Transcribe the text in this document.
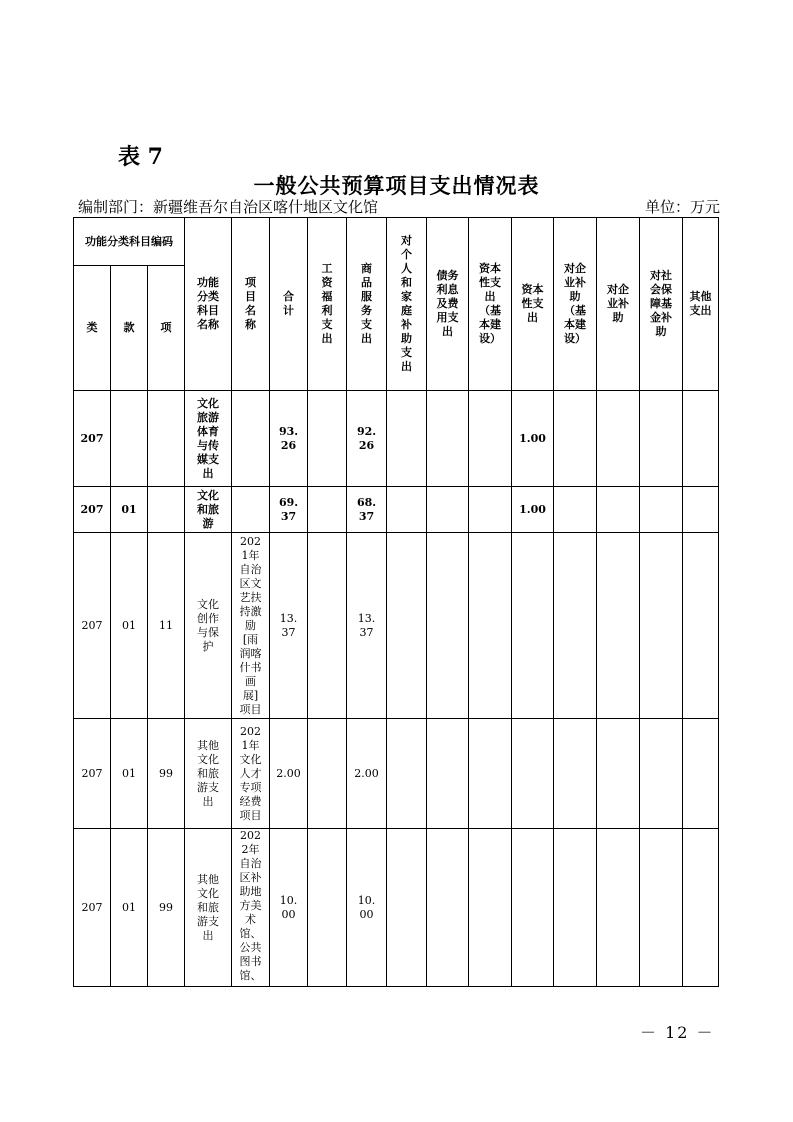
表 7
一般公共预算项目支出情况表
编制部门：新疆维吾尔自治区喀什地区文化馆	单位：万元
功能分类科目编码			功能分类科目名称	项目名称	合计	工资福利支出	商品服务支出	对个人和家庭补助支出	债务利息及费用支出	资本性支出（基本建设）	资本性支出	对企业补助（基本建设）	对企业补助	对社会保障基金补助	其他支出
类	款	项													
207			文化旅游体育与传媒支出		93.26		92.26				1.00				
207	01		文化和旅游		69.37		68.37				1.00				
207	01	11	文化创作与保护	2021年自治区文艺扶持激励[雨润喀什书画展]项目	13.37		13.37								
207	01	99	其他文化和旅游支出	2021年文化人才专项经费项目	2.00		2.00								
207	01	99	其他文化和旅游支出	2022年自治区补助地方美术馆、公共图书馆、	10.00		10.00								
－ 12 －
